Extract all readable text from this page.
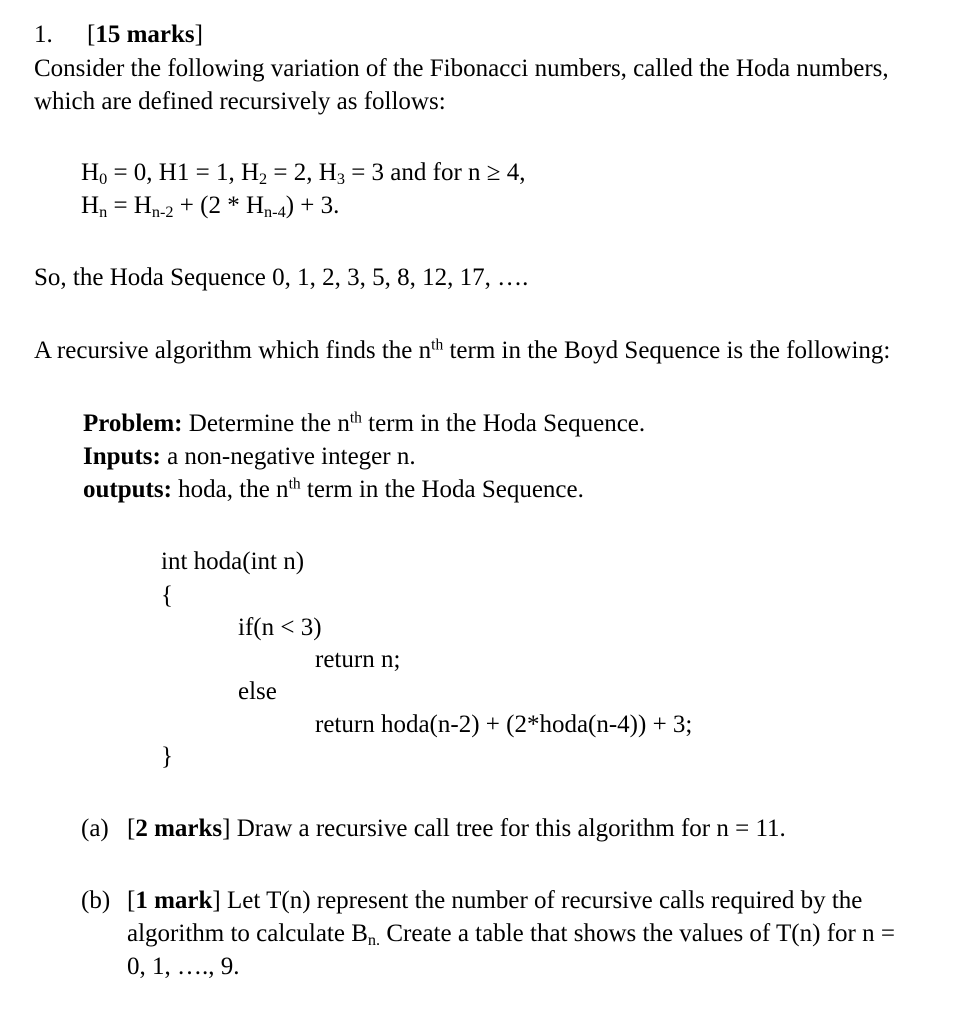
1. [15 marks]
Consider the following variation of the Fibonacci numbers, called the Hoda numbers,
which are defined recursively as follows:
$H_0 = 0$, H1 = 1, $H_2 = 2$, $H_3 = 3$ and for n ≥ 4,
$H_n = H_{n-2} + (2 * H_{n-4}) + 3$.
So, the Hoda Sequence 0, 1, 2, 3, 5, 8, 12, 17, ….
A recursive algorithm which finds the $n^{th}$ term in the Boyd Sequence is the following:
Problem: Determine the $n^{th}$ term in the Hoda Sequence.
Inputs: a non-negative integer n.
outputs: hoda, the $n^{th}$ term in the Hoda Sequence.
int hoda(int n)
{
if(n < 3)
return n;
else
return hoda(n-2) + (2*hoda(n-4)) + 3;
}
(a) [2 marks] Draw a recursive call tree for this algorithm for n = 11.
(b) [1 mark] Let T(n) represent the number of recursive calls required by the
algorithm to calculate $B_{n.}$ Create a table that shows the values of T(n) for n =
0, 1, …., 9.
